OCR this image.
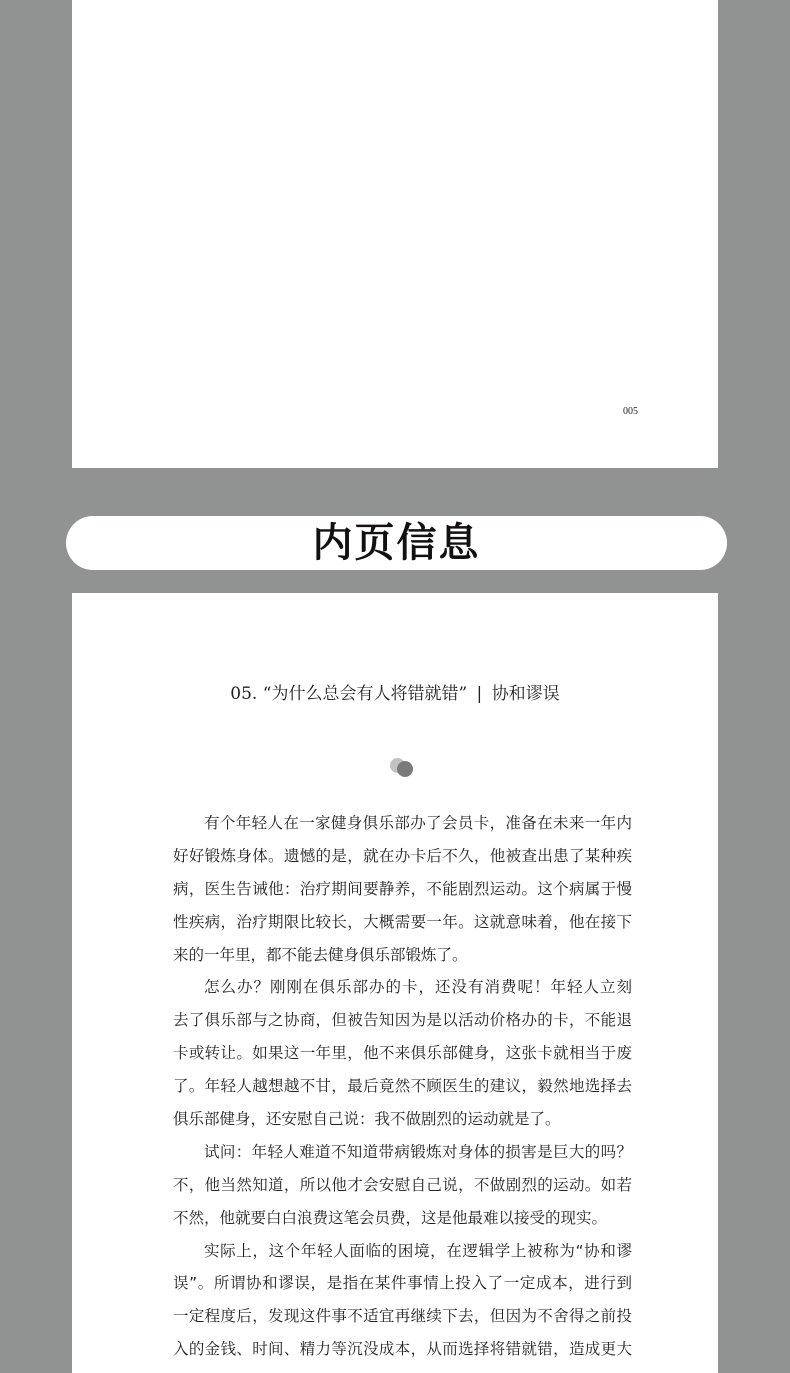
005
内页信息
05. “为什么总会有人将错就错” | 协和谬误
有个年轻人在一家健身俱乐部办了会员卡，准备在未来一年内
好好锻炼身体。遗憾的是，就在办卡后不久，他被查出患了某种疾
病，医生告诫他：治疗期间要静养，不能剧烈运动。这个病属于慢
性疾病，治疗期限比较长，大概需要一年。这就意味着，他在接下
来的一年里，都不能去健身俱乐部锻炼了。
怎么办？刚刚在俱乐部办的卡，还没有消费呢！年轻人立刻
去了俱乐部与之协商，但被告知因为是以活动价格办的卡，不能退
卡或转让。如果这一年里，他不来俱乐部健身，这张卡就相当于废
了。年轻人越想越不甘，最后竟然不顾医生的建议，毅然地选择去
俱乐部健身，还安慰自己说：我不做剧烈的运动就是了。
试问：年轻人难道不知道带病锻炼对身体的损害是巨大的吗？
不，他当然知道，所以他才会安慰自己说，不做剧烈的运动。如若
不然，他就要白白浪费这笔会员费，这是他最难以接受的现实。
实际上，这个年轻人面临的困境，在逻辑学上被称为“协和谬
误”。所谓协和谬误，是指在某件事情上投入了一定成本，进行到
一定程度后，发现这件事不适宜再继续下去，但因为不舍得之前投
入的金钱、时间、精力等沉没成本，从而选择将错就错，造成更大
